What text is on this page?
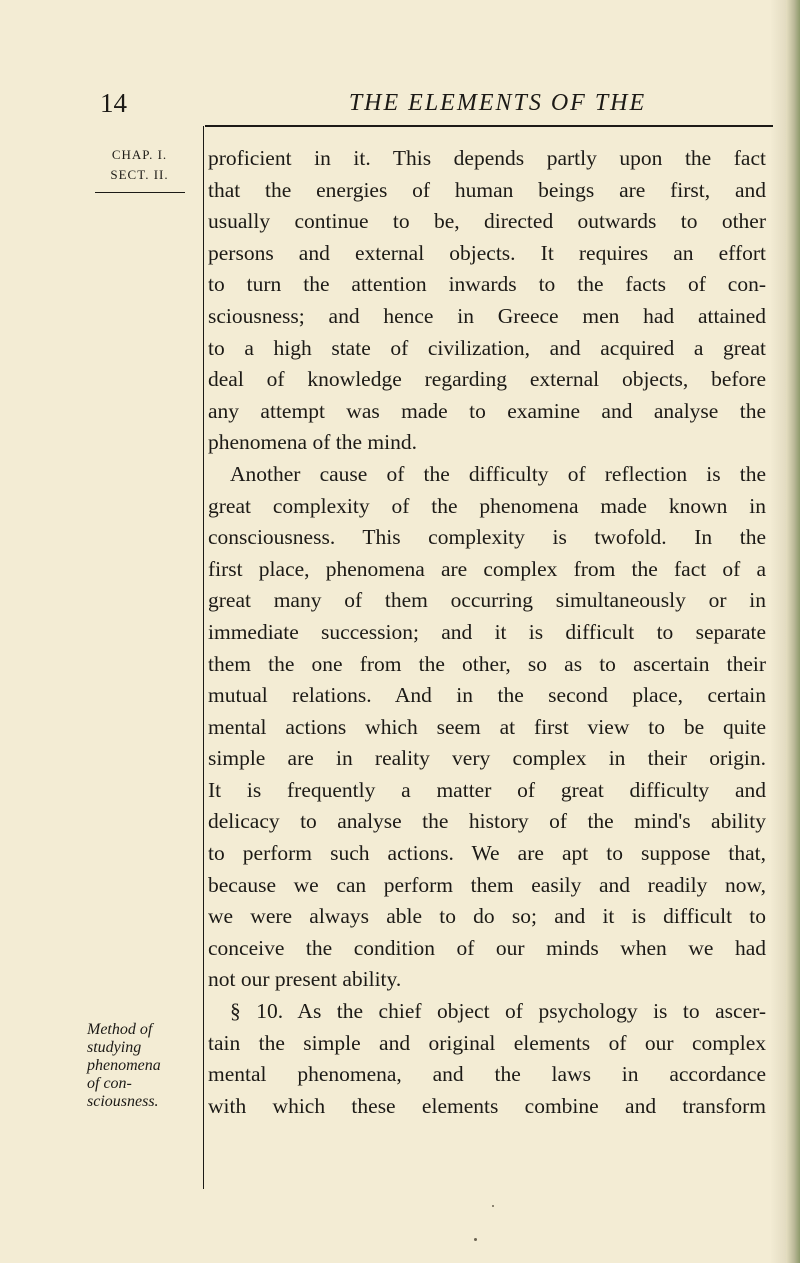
14	THE ELEMENTS OF THE
CHAP. I.
SECT. II.
Method of
studying
phenomena
of con-
sciousness.

proficient in it. This depends partly upon the fact
that the energies of human beings are first, and
usually continue to be, directed outwards to other
persons and external objects. It requires an effort
to turn the attention inwards to the facts of con-
sciousness; and hence in Greece men had attained
to a high state of civilization, and acquired a great
deal of knowledge regarding external objects, before
any attempt was made to examine and analyse the
phenomena of the mind.

Another cause of the difficulty of reflection is the
great complexity of the phenomena made known in
consciousness. This complexity is twofold. In the
first place, phenomena are complex from the fact of a
great many of them occurring simultaneously or in
immediate succession; and it is difficult to separate
them the one from the other, so as to ascertain their
mutual relations. And in the second place, certain
mental actions which seem at first view to be quite
simple are in reality very complex in their origin.
It is frequently a matter of great difficulty and
delicacy to analyse the history of the mind's ability
to perform such actions. We are apt to suppose that,
because we can perform them easily and readily now,
we were always able to do so; and it is difficult to
conceive the condition of our minds when we had
not our present ability.

§ 10. As the chief object of psychology is to ascer-
tain the simple and original elements of our complex
mental phenomena, and the laws in accordance
with which these elements combine and transform
